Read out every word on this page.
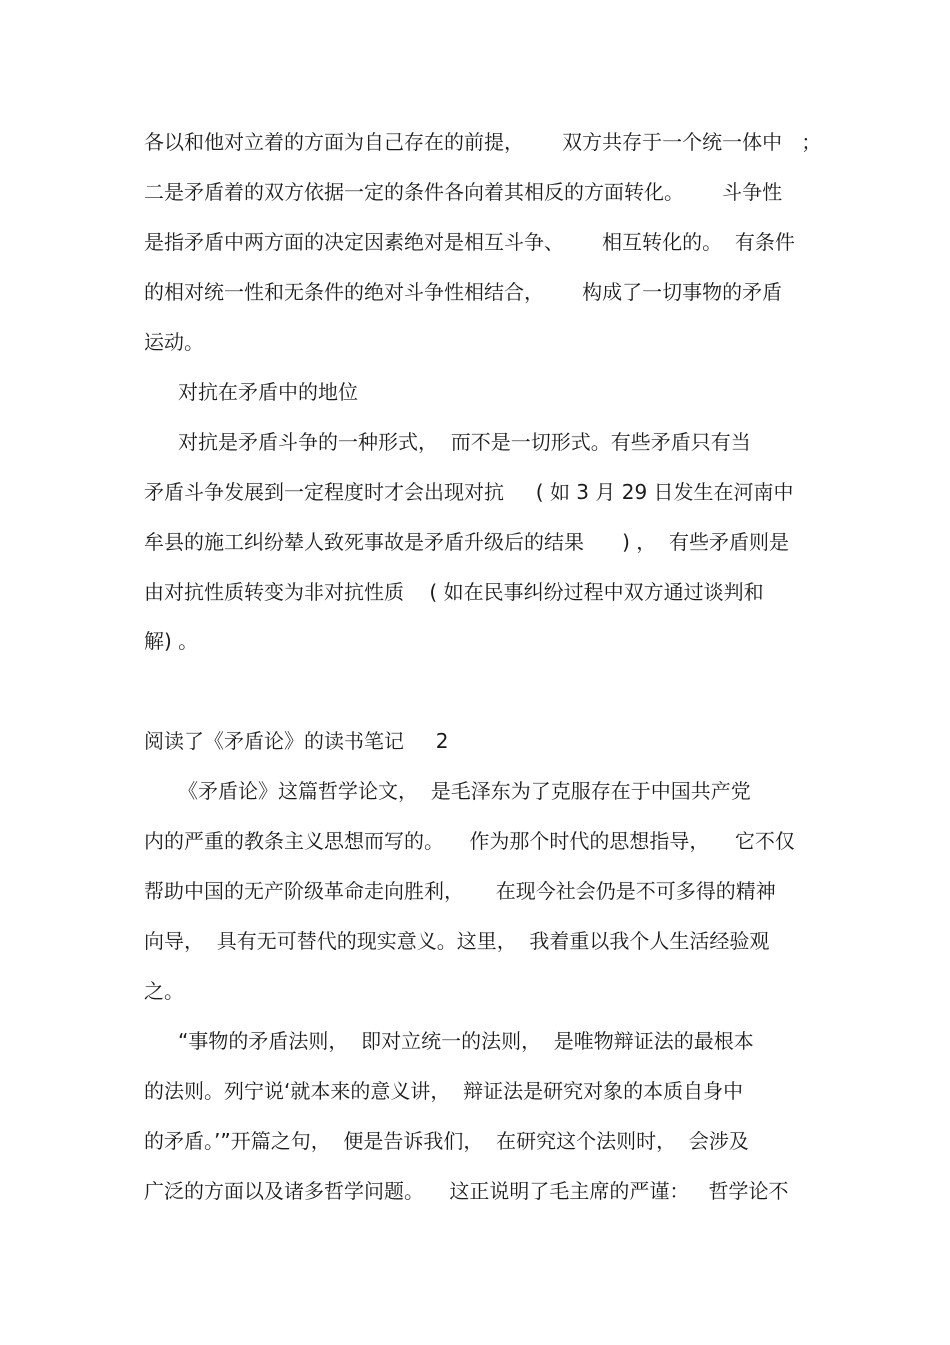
各以和他对立着的方面为自己存在的前提，      双方共存于一个统一体中   ；
二是矛盾着的双方依据一定的条件各向着其相反的方面转化。      斗争性
是指矛盾中两方面的决定因素绝对是相互斗争、      相互转化的。  有条件
的相对统一性和无条件的绝对斗争性相结合，      构成了一切事物的矛盾
运动。
对抗在矛盾中的地位
对抗是矛盾斗争的一种形式，  而不是一切形式。有些矛盾只有当
矛盾斗争发展到一定程度时才会出现对抗     ( 如 3 月 29 日发生在河南中
牟县的施工纠纷辇人致死事故是矛盾升级后的结果      ) ，  有些矛盾则是
由对抗性质转变为非对抗性质    ( 如在民事纠纷过程中双方通过谈判和
解) 。
阅读了《矛盾论》的读书笔记     2
《矛盾论》这篇哲学论文，  是毛泽东为了克服存在于中国共产党
内的严重的教条主义思想而写的。    作为那个时代的思想指导，    它不仅
帮助中国的无产阶级革命走向胜利，     在现今社会仍是不可多得的精神
向导，  具有无可替代的现实意义。这里，  我着重以我个人生活经验观
之。
“事物的矛盾法则，  即对立统一的法则，  是唯物辩证法的最根本
的法则。列宁说‘就本来的意义讲，  辩证法是研究对象的本质自身中
的矛盾。’”开篇之句，  便是告诉我们，  在研究这个法则时，  会涉及
广泛的方面以及诸多哲学问题。    这正说明了毛主席的严谨：   哲学论不
